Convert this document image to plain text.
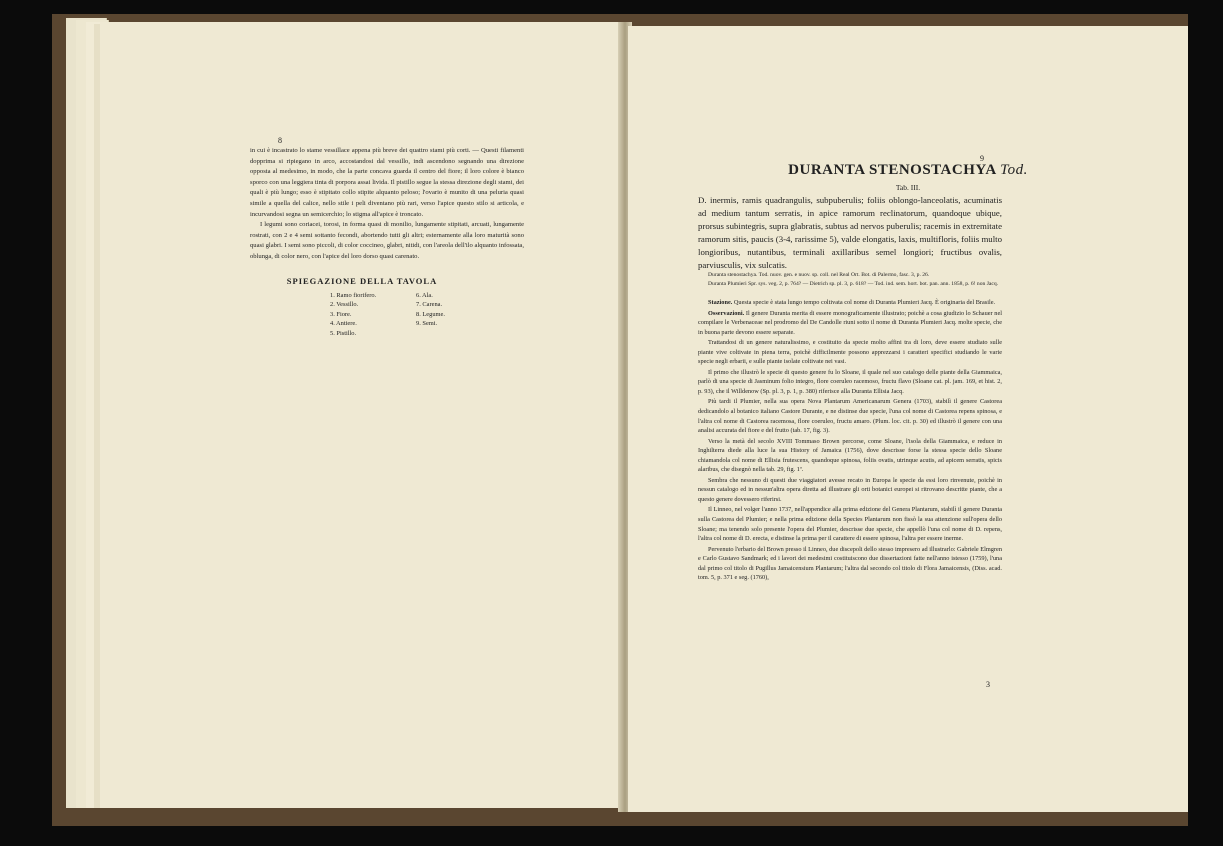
8

in cui è incastrato lo stame vessillace appena più breve dei quattro stami più corti. — Questi filamenti dopprima si ripiegano in arco, accostandosi dal vessillo, indi ascendono segnando una direzione opposta al medesimo, in modo, che la parte concava guarda il centro del fiore; il loro colore è bianco sporco con una leggiera tinta di porpora assai livida. Il pistillo segue la stessa direzione degli stami, dei quali è più lungo; esso è stipitato collo stipite alquanto peloso; l'ovario è munito di una peluria quasi simile a quella del calice, nello stile i peli diventano più rari, verso l'apice questo stilo si articola, e incurvandosi segna un semicerchio; lo stigma all'apice è troncato.

I legumi sono coriacei, torosi, in forma quasi di monilio, lungamente stipitati, arcuati, lungamente rostrati, con 2 e 4 semi sottanto fecondi, abortendo tutti gli altri; esternamente alla loro maturità sono quasi glabri. I semi sono piccoli, di color coccineo, glabri, nitidi, con l'areola dell'ilo alquanto infossata, oblunga, di color nero, con l'apice del loro dorso quasi carenato.

SPIEGAZIONE DELLA TAVOLA
1. Ramo fiorifero.
2. Vessillo.
3. Fiore.
4. Antiere.
5. Pistillo.
6. Ala.
7. Carena.
8. Legume.
9. Semi.
9
DURANTA STENOSTACHYA Tod.
Tab. III.

D. inermis, ramis quadrangulis, subpuberulis; foliis oblongo-lanceolatis, acuminatis ad medium tantum serratis, in apice ramorum reclinatorum, quandoque ubique, prorsus subintegris, supra glabratis, subtus ad nervos puberulis; racemis in extremitate ramorum sitis, paucis (3-4, rarissime 5), valde elongatis, laxis, multifloris, foliis multo longioribus, nutantibus, terminali axillaribus semel longiori; fructibus ovalis, parviusculis, vix sulcatis.

Duranta stenostachya. Tod. nuov. gen. e nuov. sp. coll. nel Real Ort. Bot. di Palermo, fasc. 3, p. 26.

Duranta Plumieri Spr. sys. veg. 2, p. 764? — Dietrich sp. pl. 3, p. 618? — Tod. ind. sem. hort. bot. pan. ann. 1858, p. 6! non Jacq.

Stazione. Questa specie è stata lungo tempo coltivata col nome di Duranta Plumieri Jacq. È originaria del Brasile.

Osservazioni. Il genere Duranta merita di essere monograficamente illustrato; poichè a cosa giudizio lo Schauer nel compilare le Verbenaceae nel prodromo del De Candolle riuni sotto il nome di Duranta Plumieri Jacq. molte specie, che in buona parte devono essere separate.

Trattandosi di un genere naturalissimo, e costituito da specie molto affini tra di loro, deve essere studiato sulle piante vive coltivate in piena terra, poichè difficilmente possono apprezzarsi i caratteri specifici studiando le varie specie negli erbarii, e sulle piante isolate coltivate nei vasi.

Il primo che illustrò le specie di questo genere fu lo Sloane, il quale nel suo catalogo delle piante della Giammaica, parlò di una specie di Jasminum folio integro, flore coeruleo racemoso, fructu flavo (Sloane cat. pl. jam. 169, et hist. 2, p. 93), che il Willdenow (Sp. pl. 3, p. 1, p. 380) riferisce alla Duranta Ellisia Jacq.

Più tardi il Plumier, nella sua opera Nova Plantarum Americanarum Genera (1703), stabilì il genere Castorea dedicandolo al botanico italiano Castore Durante, e ne distinse due specie, l'una col nome di Castorea repens spinosa, e l'altra col nome di Castorea racemosa, flore coeruleo, fructu amaro. (Plum. loc. cit. p. 30) ed illustrò il genere con una analisi accurata del fiore e del frutto (tab. 17, fig. 3).

Verso la metà del secolo XVIII Tommaso Brown percorse, come Sloane, l'isola della Giammaica, e reduce in Inghilterra diede alla luce la sua History of Jamaica (1756), dove descrisse forse la stessa specie dello Sloane chiamandola col nome di Ellisia frutescens, quandoque spinosa, foliis ovatis, utrinque acutis, ad apicem serratis, spicis alaribus, che disegnò nella tab. 29, fig. 1ª.

Sembra che nessuno di questi due viaggiatori avesse recato in Europa le specie da essi loro rinvenute, poichè in nessun catalogo ed in nessun'altra opera diretta ad illustrare gli orti botanici europei si ritrovano descritte piante, che a questo genere dovessero riferirsi.

Il Linneo, nel volger l'anno 1737, nell'appendice alla prima edizione del Genera Plantarum, stabilì il genere Duranta sulla Castorea del Plumier; e nella prima edizione della Species Plantarum non fissò la sua attenzione sull'opera dello Sloane; ma tenendo solo presente l'opera del Plumier, descrisse due specie, che appellò l'una col nome di D. repens, l'altra col nome di D. erecta, e distinse la prima per il carattere di essere spinosa, l'altra per essere inerme.

Pervenuto l'erbario del Brown presso il Linneo, due discepoli dello stesso impresero ad illustrarlo: Gabriele Elmgren e Carlo Gustavo Sandmark; ed i lavori dei medesimi costituiscono due dissertazioni fatte nell'anno istesso (1759), l'una dal primo col titolo di Pugillus Jamaicensium Plantarum; l'altra dal secondo col titolo di Flora Jamaicensis, (Diss. acad. tom. 5, p. 371 e seg. (1760),

3
